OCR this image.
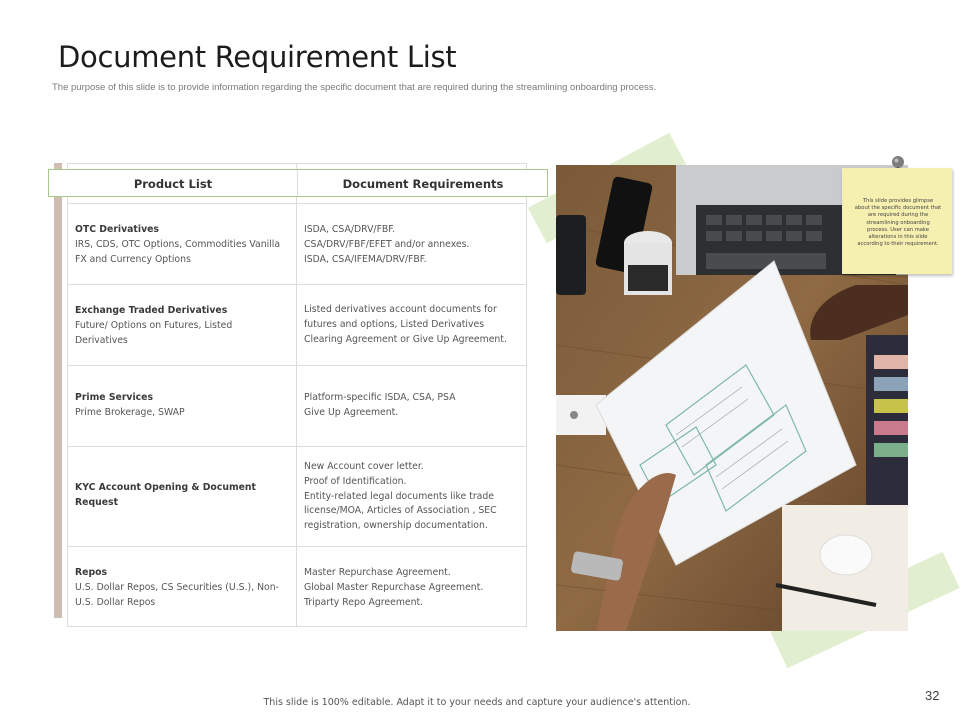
Document Requirement List
The purpose of this slide is to provide information regarding the specific document that are required during the streamlining onboarding process.
Product List	Document Requirements
OTC Derivatives
IRS, CDS, OTC Options, Commodities Vanilla
FX and Currency Options
ISDA, CSA/DRV/FBF.
CSA/DRV/FBF/EFET and/or annexes.
ISDA, CSA/IFEMA/DRV/FBF.
Exchange Traded Derivatives
Future/ Options on Futures, Listed
Derivatives
Listed derivatives account documents for
futures and options, Listed Derivatives
Clearing Agreement or Give Up Agreement.
Prime Services
Prime Brokerage, SWAP
Platform-specific ISDA, CSA, PSA
Give Up Agreement.
KYC Account Opening & Document
Request
New Account cover letter.
Proof of Identification.
Entity-related legal documents like trade
license/MOA, Articles of Association , SEC
registration, ownership documentation.
Repos
U.S. Dollar Repos, CS Securities (U.S.), Non-
U.S. Dollar Repos
Master Repurchase Agreement.
Global Master Repurchase Agreement.
Triparty Repo Agreement.
This slide provides glimpse
about the specific document that
are required during the
streamlining onboarding
process. User can make
alterations in this slide
according to their requirement.
This slide is 100% editable. Adapt it to your needs and capture your audience's attention.	32
